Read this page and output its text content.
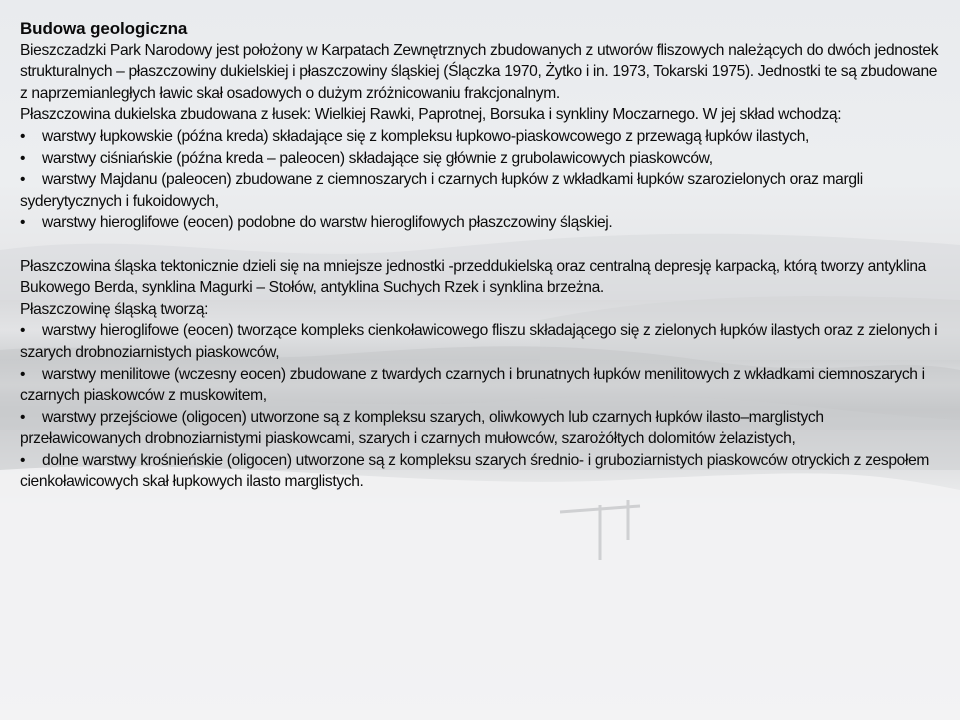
Budowa geologiczna

Bieszczadzki Park Narodowy jest położony w Karpatach Zewnętrznych zbudowanych z utworów fliszowych należących do dwóch jednostek strukturalnych – płaszczowiny dukielskiej i płaszczowiny śląskiej (Ślączka 1970, Żytko i in. 1973, Tokarski 1975). Jednostki te są zbudowane z naprzemianległych ławic skał osadowych o dużym zróżnicowaniu frakcjonalnym.

Płaszczowina dukielska zbudowana z łusek: Wielkiej Rawki, Paprotnej, Borsuka i synkliny Moczarnego. W jej skład wchodzą:

• warstwy łupkowskie (późna kreda) składające się z kompleksu łupkowo-piaskowcowego z przewagą łupków ilastych,

• warstwy ciśniańskie (późna kreda – paleocen) składające się głównie z grubolawicowych piaskowców,

• warstwy Majdanu (paleocen) zbudowane z ciemnoszarych i czarnych łupków z wkładkami łupków szarozielonych oraz margli syderytycznych i fukoidowych,

• warstwy hieroglifowe (eocen) podobne do warstw hieroglifowych płaszczowiny śląskiej.

Płaszczowina śląska tektonicznie dzieli się na mniejsze jednostki -przeddukielską oraz centralną depresję karpacką, którą tworzy antyklina Bukowego Berda, synklina Magurki – Stołów, antyklina Suchych Rzek i synklina brzeżna.

Płaszczowinę śląską tworzą:

• warstwy hieroglifowe (eocen) tworzące kompleks cienkoławicowego fliszu składającego się z zielonych łupków ilastych oraz z zielonych i szarych drobnoziarnistych piaskowców,

• warstwy menilitowe (wczesny eocen) zbudowane z twardych czarnych i brunatnych łupków menilitowych z wkładkami ciemnoszarych i czarnych piaskowców z muskowitem,

• warstwy przejściowe (oligocen) utworzone są z kompleksu szarych, oliwkowych lub czarnych łupków ilasto–marglistych przeławicowanych drobnoziarnistymi piaskowcami, szarych i czarnych mułowców, szarożółtych dolomitów żelazistych,

• dolne warstwy krośnieńskie (oligocen) utworzone są z kompleksu szarych średnio- i gruboziarnistych piaskowców otryckich z zespołem cienkoławicowych skał łupkowych ilasto marglistych.
